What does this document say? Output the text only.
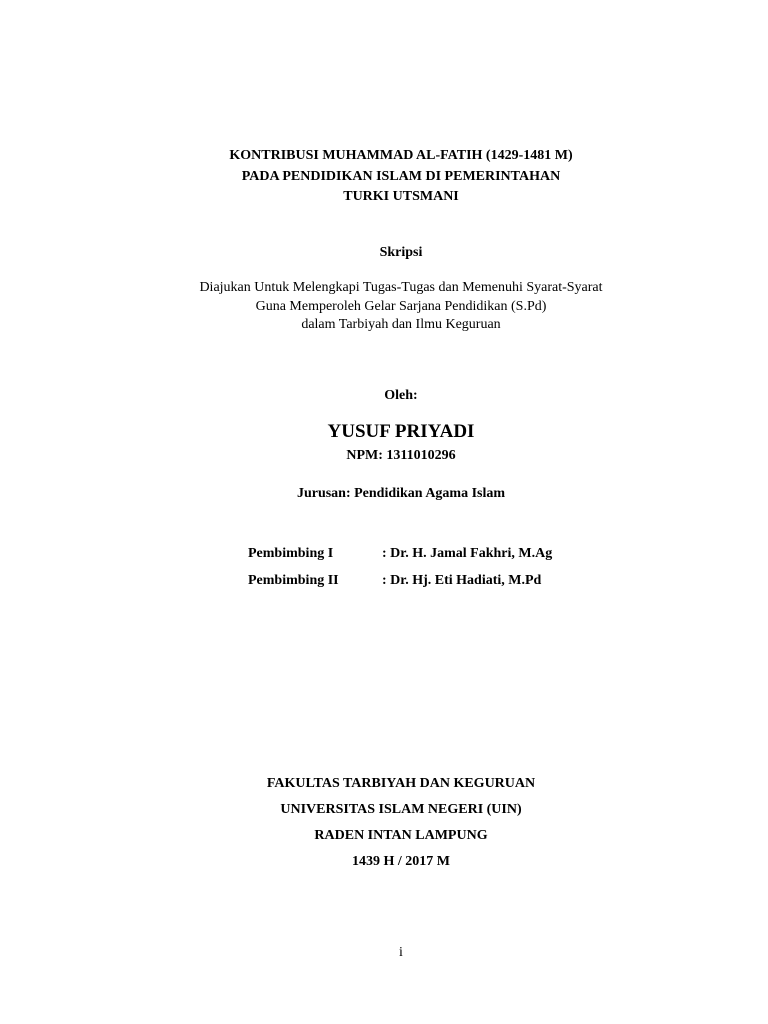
KONTRIBUSI MUHAMMAD AL-FATIH (1429-1481 M)
PADA PENDIDIKAN ISLAM DI PEMERINTAHAN
TURKI UTSMANI
Skripsi
Diajukan Untuk Melengkapi Tugas-Tugas dan Memenuhi Syarat-Syarat
Guna Memperoleh Gelar Sarjana Pendidikan (S.Pd)
dalam Tarbiyah dan Ilmu Keguruan
Oleh:
YUSUF PRIYADI
NPM: 1311010296
Jurusan: Pendidikan Agama Islam
Pembimbing I	: Dr. H. Jamal Fakhri, M.Ag
Pembimbing II	: Dr. Hj. Eti Hadiati, M.Pd
FAKULTAS TARBIYAH DAN KEGURUAN
UNIVERSITAS ISLAM NEGERI (UIN)
RADEN INTAN LAMPUNG
1439 H / 2017 M
i
